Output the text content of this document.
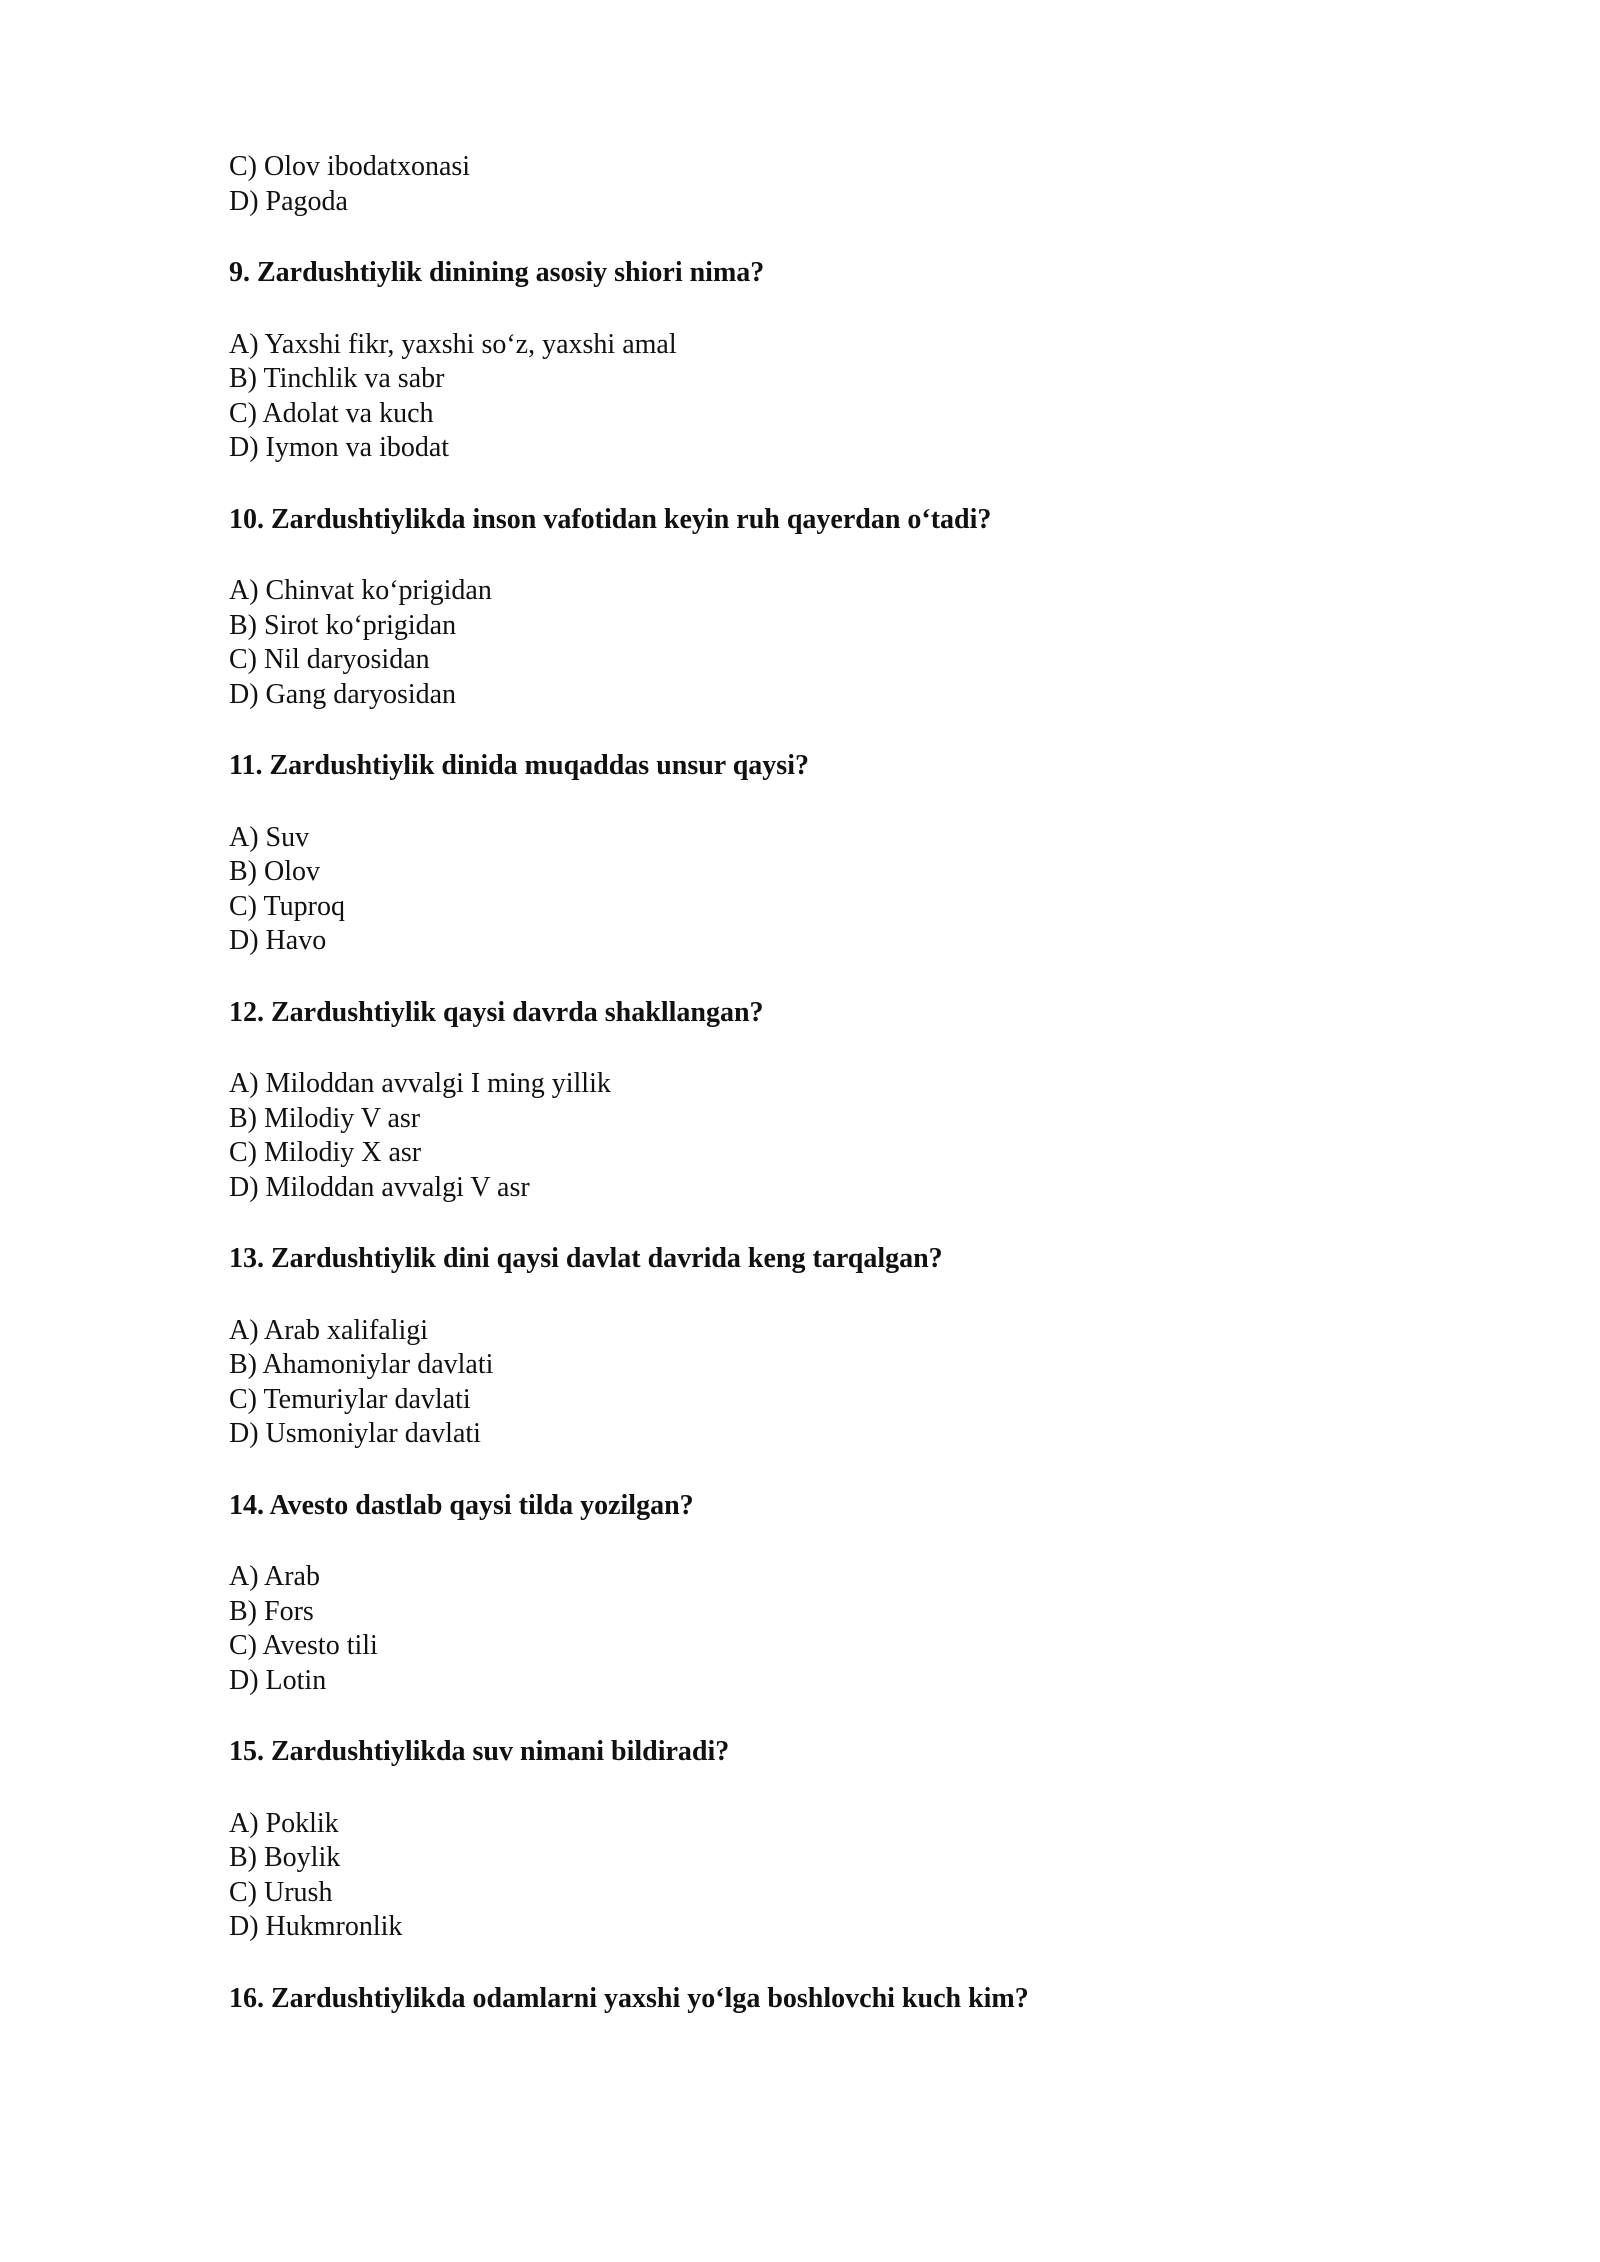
C) Olov ibodatxonasi
D) Pagoda
9. Zardushtiylik dinining asosiy shiori nima?
A) Yaxshi fikr, yaxshi so‘z, yaxshi amal
B) Tinchlik va sabr
C) Adolat va kuch
D) Iymon va ibodat
10. Zardushtiylikda inson vafotidan keyin ruh qayerdan o‘tadi?
A) Chinvat ko‘prigidan
B) Sirot ko‘prigidan
C) Nil daryosidan
D) Gang daryosidan
11. Zardushtiylik dinida muqaddas unsur qaysi?
A) Suv
B) Olov
C) Tuproq
D) Havo
12. Zardushtiylik qaysi davrda shakllangan?
A) Miloddan avvalgi I ming yillik
B) Milodiy V asr
C) Milodiy X asr
D) Miloddan avvalgi V asr
13. Zardushtiylik dini qaysi davlat davrida keng tarqalgan?
A) Arab xalifaligi
B) Ahamoniylar davlati
C) Temuriylar davlati
D) Usmoniylar davlati
14. Avesto dastlab qaysi tilda yozilgan?
A) Arab
B) Fors
C) Avesto tili
D) Lotin
15. Zardushtiylikda suv nimani bildiradi?
A) Poklik
B) Boylik
C) Urush
D) Hukmronlik
16. Zardushtiylikda odamlarni yaxshi yo‘lga boshlovchi kuch kim?
